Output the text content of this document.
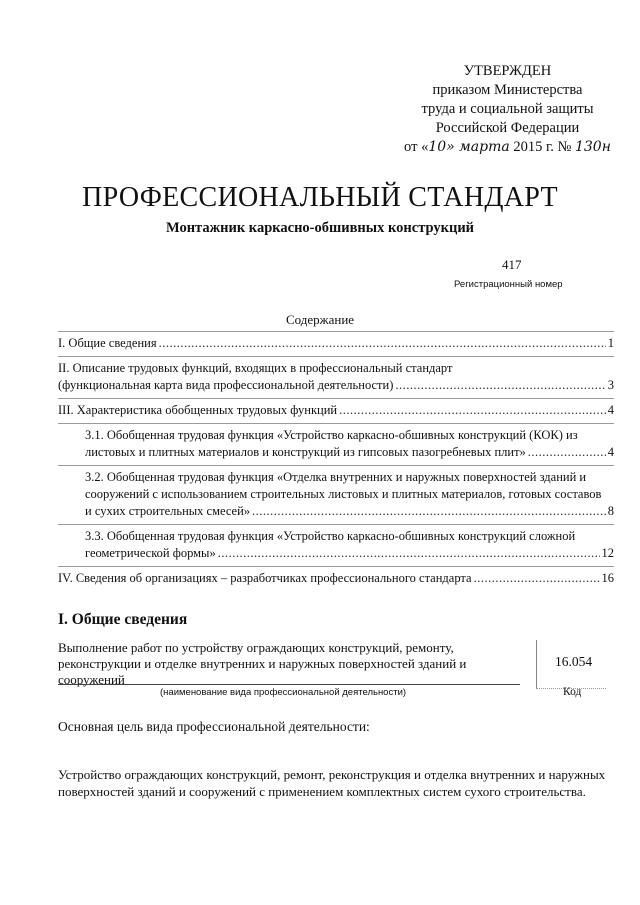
УТВЕРЖДЕН
приказом Министерства
труда и социальной защиты
Российской Федерации
от «10» марта 2015 г. № 130н
ПРОФЕССИОНАЛЬНЫЙ СТАНДАРТ
Монтажник каркасно-обшивных конструкций
417
Регистрационный номер
Содержание
I. Общие сведения .....	1
II. Описание трудовых функций, входящих в профессиональный стандарт
(функциональная карта вида профессиональной деятельности) .....	3
III. Характеристика обобщенных трудовых функций .....	4
3.1. Обобщенная трудовая функция «Устройство каркасно-обшивных конструкций (КОК) из
листовых и плитных материалов и конструкций из гипсовых пазогребневых плит» .....	4
3.2. Обобщенная трудовая функция «Отделка внутренних и наружных поверхностей зданий и
сооружений с использованием строительных листовых и плитных материалов, готовых составов
и сухих строительных смесей» .....	8
3.3. Обобщенная трудовая функция «Устройство каркасно-обшивных конструкций сложной
геометрической формы» .....	12
IV. Сведения об организациях – разработчиках профессионального стандарта .....	16
I. Общие сведения
Выполнение работ по устройству ограждающих конструкций, ремонту,
реконструкции и отделке внутренних и наружных поверхностей зданий и
сооружений
16.054
(наименование вида профессиональной деятельности)	Код
Основная цель вида профессиональной деятельности:
Устройство ограждающих конструкций, ремонт, реконструкция и отделка внутренних и наружных
поверхностей зданий и сооружений с применением комплектных систем сухого строительства.
